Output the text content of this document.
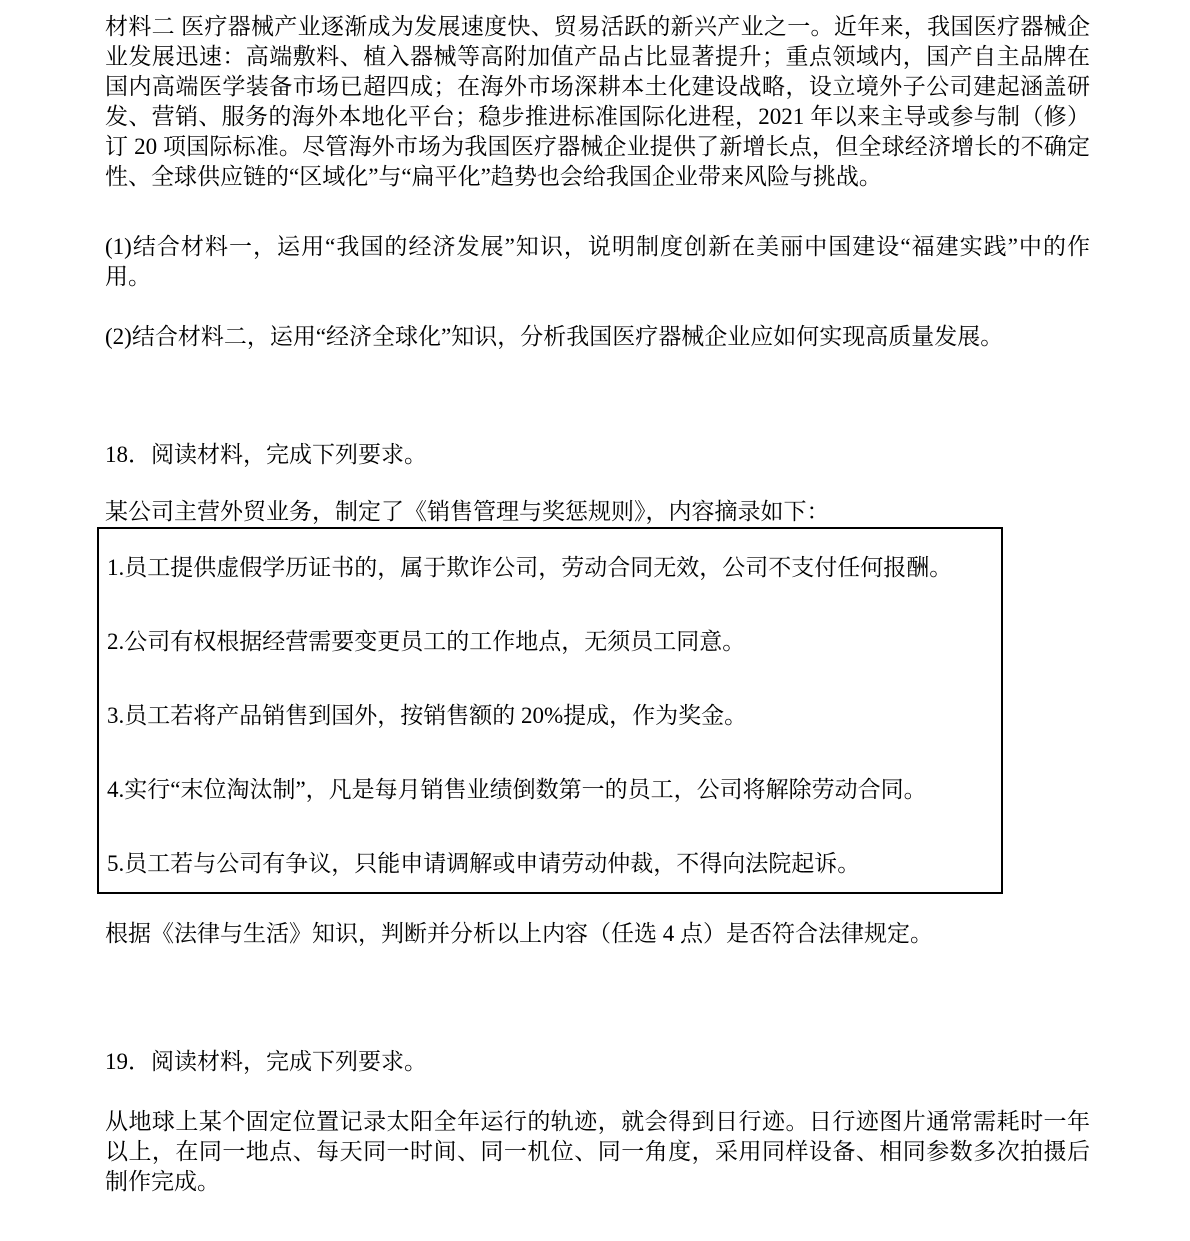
材料二 医疗器械产业逐渐成为发展速度快、贸易活跃的新兴产业之一。近年来，我国医疗器械企业发展迅速：高端敷料、植入器械等高附加值产品占比显著提升；重点领域内，国产自主品牌在国内高端医学装备市场已超四成；在海外市场深耕本土化建设战略，设立境外子公司建起涵盖研发、营销、服务的海外本地化平台；稳步推进标准国际化进程，2021 年以来主导或参与制（修）订 20 项国际标准。尽管海外市场为我国医疗器械企业提供了新增长点，但全球经济增长的不确定性、全球供应链的“区域化”与“扁平化”趋势也会给我国企业带来风险与挑战。

(1)结合材料一，运用“我国的经济发展”知识，说明制度创新在美丽中国建设“福建实践”中的作用。

(2)结合材料二，运用“经济全球化”知识，分析我国医疗器械企业应如何实现高质量发展。

18．阅读材料，完成下列要求。

某公司主营外贸业务，制定了《销售管理与奖惩规则》，内容摘录如下：

1.员工提供虚假学历证书的，属于欺诈公司，劳动合同无效，公司不支付任何报酬。

2.公司有权根据经营需要变更员工的工作地点，无须员工同意。

3.员工若将产品销售到国外，按销售额的 20%提成，作为奖金。

4.实行“末位淘汰制”，凡是每月销售业绩倒数第一的员工，公司将解除劳动合同。

5.员工若与公司有争议，只能申请调解或申请劳动仲裁，不得向法院起诉。

根据《法律与生活》知识，判断并分析以上内容（任选 4 点）是否符合法律规定。

19．阅读材料，完成下列要求。

从地球上某个固定位置记录太阳全年运行的轨迹，就会得到日行迹。日行迹图片通常需耗时一年以上，在同一地点、每天同一时间、同一机位、同一角度，采用同样设备、相同参数多次拍摄后制作完成。
